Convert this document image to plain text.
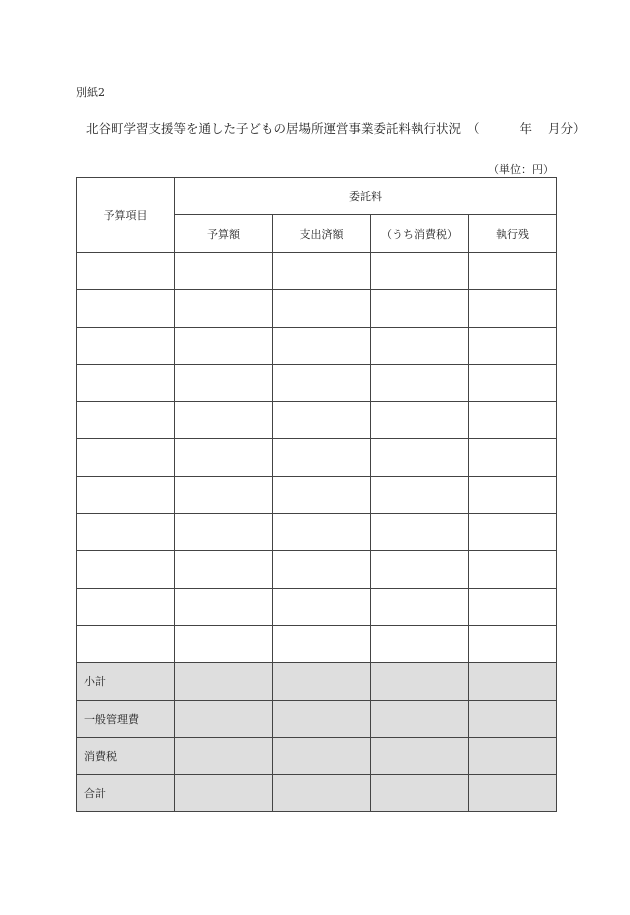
別紙2
北谷町学習支援等を通した子どもの居場所運営事業委託料執行状況 （	年 月分）
（単位：円）
予算項目	委託料			
	予算額	支出済額	（うち消費税）	執行残

小計				
一般管理費				
消費税				
合計				
